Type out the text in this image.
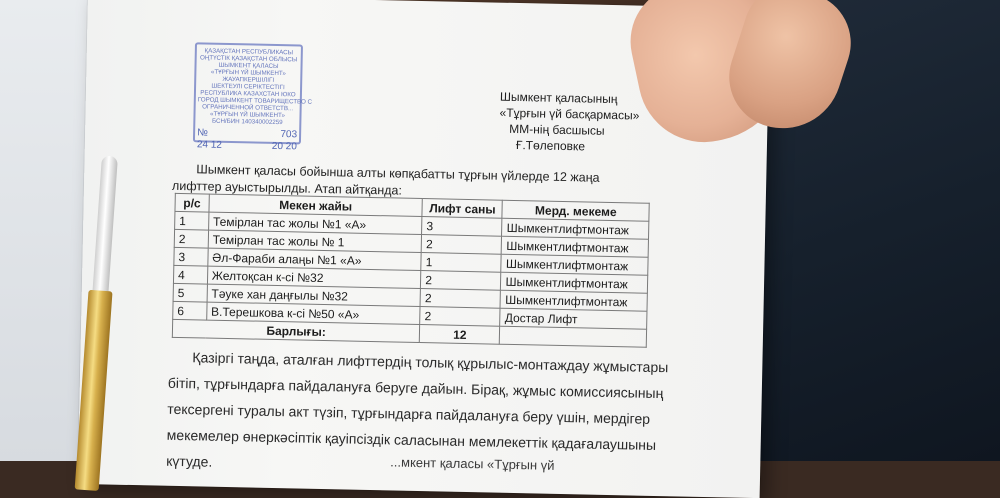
ҚАЗАҚСТАН РЕСПУБЛИКАСЫ
ОҢТҮСТІК ҚАЗАҚСТАН ОБЛЫСЫ
ШЫМКЕНТ ҚАЛАСЫ
«ТҰРҒЫН ҮЙ ШЫМКЕНТ»
ЖАУАПКЕРШІЛІГІ
ШЕКТЕУЛІ СЕРІКТЕСТІГІ
РЕСПУБЛИКА КАЗАХСТАН ЮКО
ГОРОД ШЫМКЕНТ ТОВАРИЩЕСТВО С
ОГРАНИЧЕННОЙ ОТВЕТСТВ...
«ТҰРҒЫН ҮЙ ШЫМКЕНТ»
БСН/БИН 140340002259
№	703
24 12	20 20
Шымкент қаласының
«Тұрғын үй басқармасы»
ММ-нің басшысы
Ғ.Төлеповке
Шымкент қаласы бойынша алты көпқабатты тұрғын үйлерде 12 жаңа лифттер ауыстырылды. Атап айтқанда:
р/с	Мекен жайы	Лифт саны	Мерд. мекеме
1	Темірлан тас жолы №1 «А»	3	Шымкентлифтмонтаж
2	Темірлан тас жолы № 1	2	Шымкентлифтмонтаж
3	Әл-Фараби алаңы №1 «А»	1	Шымкентлифтмонтаж
4	Желтоқсан к-сі №32	2	Шымкентлифтмонтаж
5	Тәуке хан даңғылы №32	2	Шымкентлифтмонтаж
6	В.Терешкова к-сі №50 «А»	2	Достар Лифт
Барлығы:		12	

Қазіргі таңда, аталған лифттердің толық құрылыс-монтаждау жұмыстары бітіп, тұрғындарға пайдалануға беруге дайын. Бірақ, жұмыс комиссиясының тексергені туралы акт түзіп, тұрғындарға пайдалануға беру үшін, мердігер мекемелер өнеркәсіптік қауіпсіздік саласынан мемлекеттік қадағалаушыны күтуде.	...мкент қаласы «Тұрғын үй
